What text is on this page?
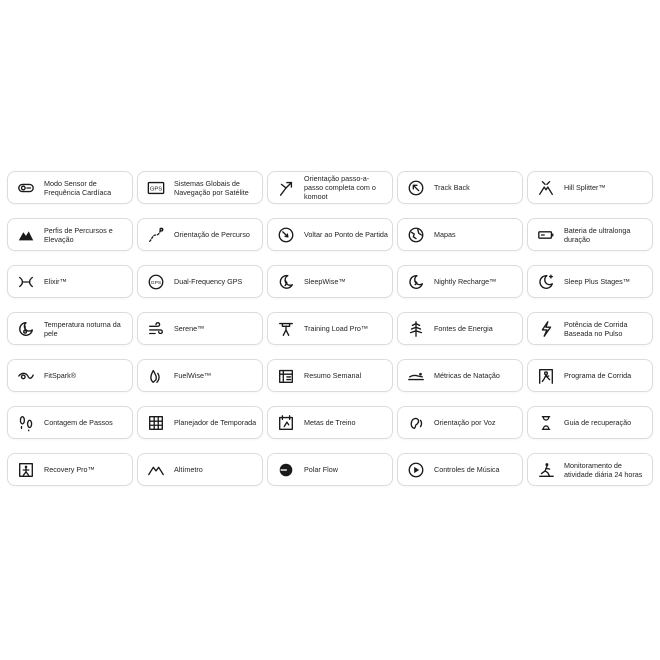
Modo Sensor de Frequência Cardíaca	GPS
Sistemas Globais de Navegação por Satélite
Orientação passo-a-passo completa com o komoot
Track Back	Hill Splitter™
Perfis de Percursos e Elevação	Orientação de Percurso	Voltar ao Ponto de Partida	Mapas	Bateria de ultralonga duração
Elixir™	GPS Dual-Frequency GPS	SleepWise™	Nightly Recharge™	Sleep Plus Stages™
Temperatura noturna da pele	Serene™	Training Load Pro™	Fontes de Energia	Potência de Corrida Baseada no Pulso
FitSpark®	FuelWise™	Resumo Semanal	Métricas de Natação	Programa de Corrida
Contagem de Passos	Planejador de Temporada	Metas de Treino	Orientação por Voz	Guia de recuperação
Recovery Pro™	Altímetro	Polar Flow	Controles de Música	Monitoramento de atividade diária 24 horas
